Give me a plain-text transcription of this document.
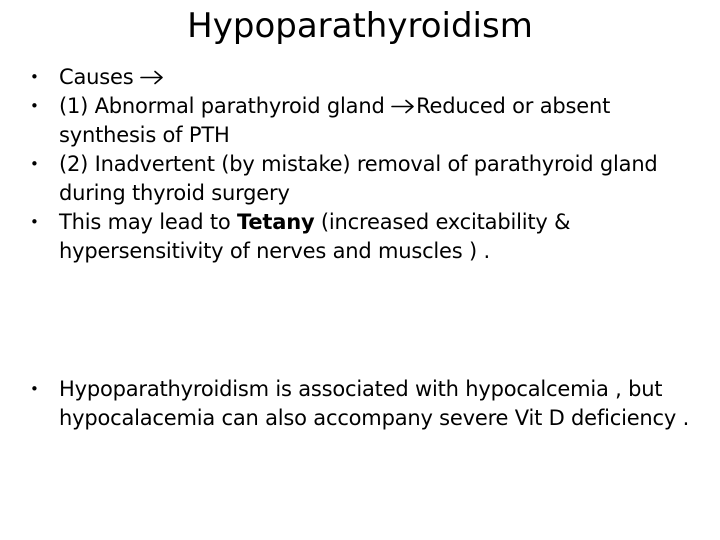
Hypoparathyroidism
• Causes
• (1) Abnormal parathyroid gland Reduced or absent synthesis of PTH
• (2) Inadvertent (by mistake) removal of parathyroid gland during thyroid surgery
• This may lead to Tetany (increased excitability & hypersensitivity of nerves and muscles ) .
• Hypoparathyroidism is associated with hypocalcemia , but hypocalacemia can also accompany severe Vit D deficiency .
